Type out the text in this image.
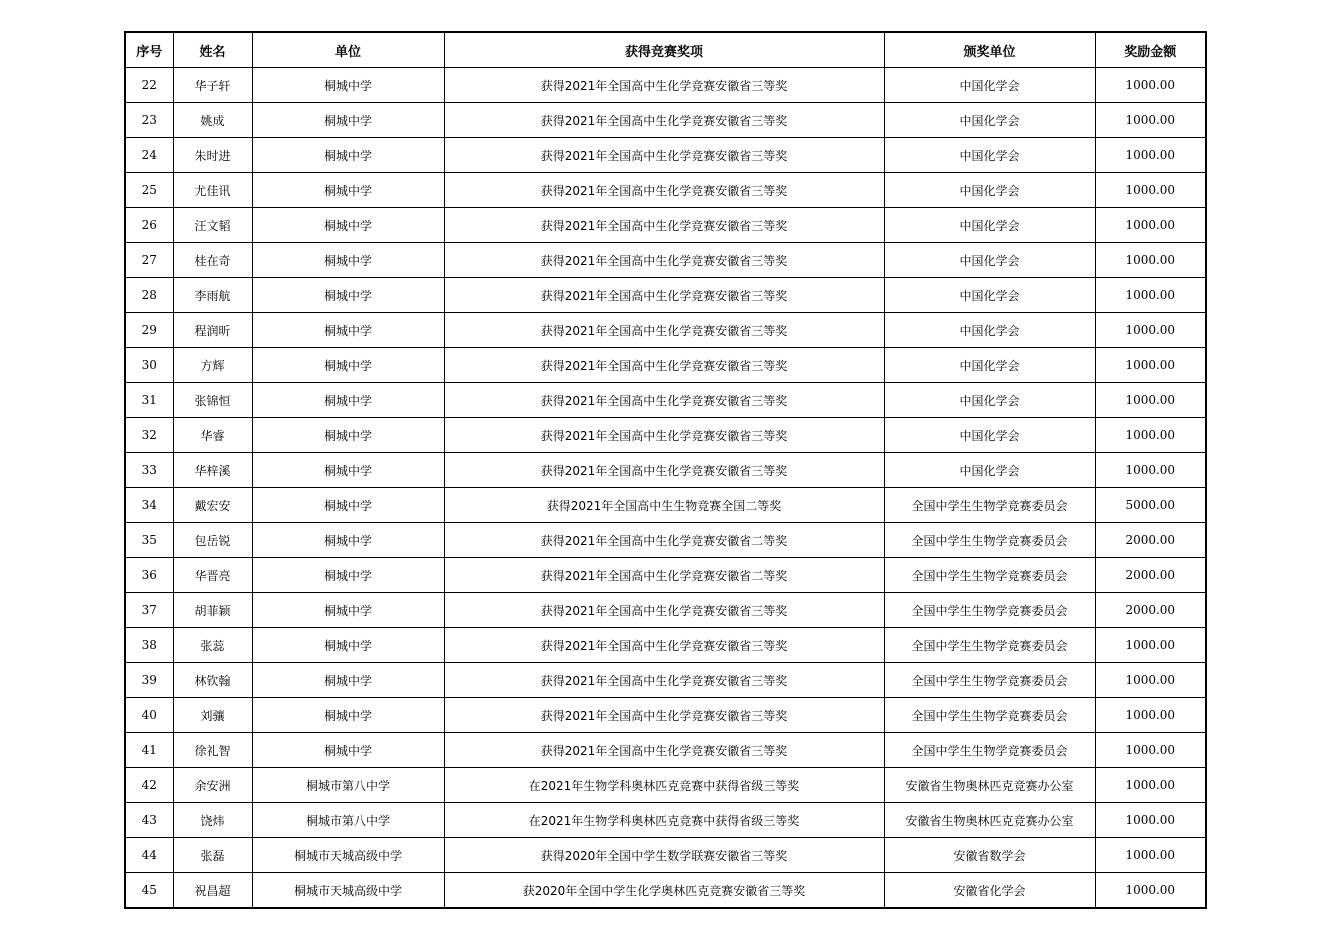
序号	姓名	单位	获得竞赛奖项	颁奖单位	奖励金额
22	华子轩	桐城中学	获得2021年全国高中生化学竞赛安徽省三等奖	中国化学会	1000.00
23	姚成	桐城中学	获得2021年全国高中生化学竞赛安徽省三等奖	中国化学会	1000.00
24	朱时进	桐城中学	获得2021年全国高中生化学竞赛安徽省三等奖	中国化学会	1000.00
25	尤佳讯	桐城中学	获得2021年全国高中生化学竞赛安徽省三等奖	中国化学会	1000.00
26	汪文韬	桐城中学	获得2021年全国高中生化学竞赛安徽省三等奖	中国化学会	1000.00
27	桂在奇	桐城中学	获得2021年全国高中生化学竞赛安徽省三等奖	中国化学会	1000.00
28	李雨航	桐城中学	获得2021年全国高中生化学竞赛安徽省三等奖	中国化学会	1000.00
29	程润昕	桐城中学	获得2021年全国高中生化学竞赛安徽省三等奖	中国化学会	1000.00
30	方辉	桐城中学	获得2021年全国高中生化学竞赛安徽省三等奖	中国化学会	1000.00
31	张锦恒	桐城中学	获得2021年全国高中生化学竞赛安徽省三等奖	中国化学会	1000.00
32	华睿	桐城中学	获得2021年全国高中生化学竞赛安徽省三等奖	中国化学会	1000.00
33	华梓溪	桐城中学	获得2021年全国高中生化学竞赛安徽省三等奖	中国化学会	1000.00
34	戴宏安	桐城中学	获得2021年全国高中生生物竞赛全国二等奖	全国中学生生物学竞赛委员会	5000.00
35	包岳锐	桐城中学	获得2021年全国高中生化学竞赛安徽省二等奖	全国中学生生物学竞赛委员会	2000.00
36	华晋亮	桐城中学	获得2021年全国高中生化学竞赛安徽省二等奖	全国中学生生物学竞赛委员会	2000.00
37	胡菲颖	桐城中学	获得2021年全国高中生化学竞赛安徽省三等奖	全国中学生生物学竞赛委员会	2000.00
38	张蕊	桐城中学	获得2021年全国高中生化学竞赛安徽省三等奖	全国中学生生物学竞赛委员会	1000.00
39	林钦翰	桐城中学	获得2021年全国高中生化学竞赛安徽省三等奖	全国中学生生物学竞赛委员会	1000.00
40	刘骧	桐城中学	获得2021年全国高中生化学竞赛安徽省三等奖	全国中学生生物学竞赛委员会	1000.00
41	徐礼智	桐城中学	获得2021年全国高中生化学竞赛安徽省三等奖	全国中学生生物学竞赛委员会	1000.00
42	余安洲	桐城市第八中学	在2021年生物学科奥林匹克竞赛中获得省级三等奖	安徽省生物奥林匹克竞赛办公室	1000.00
43	饶炜	桐城市第八中学	在2021年生物学科奥林匹克竞赛中获得省级三等奖	安徽省生物奥林匹克竞赛办公室	1000.00
44	张磊	桐城市天城高级中学	获得2020年全国中学生数学联赛安徽省三等奖	安徽省数学会	1000.00
45	祝昌超	桐城市天城高级中学	获2020年全国中学生化学奥林匹克竞赛安徽省三等奖	安徽省化学会	1000.00
